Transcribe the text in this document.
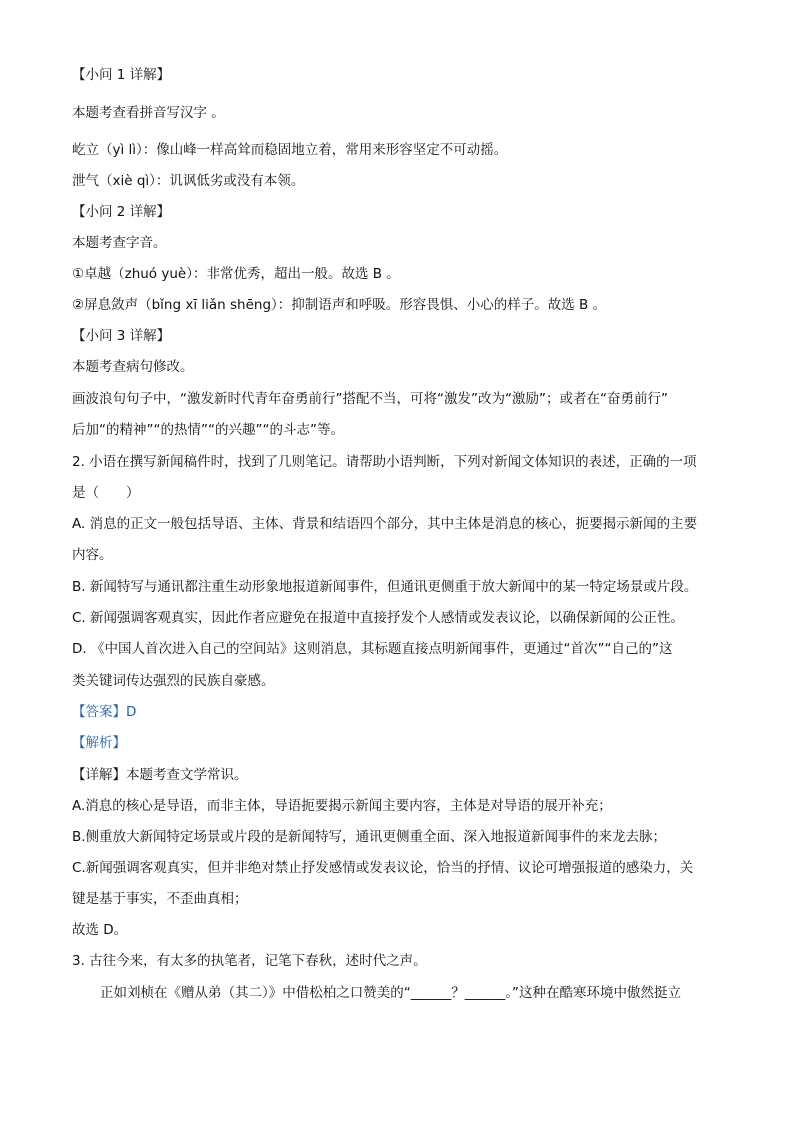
【小问 1 详解】
本题考查看拼音写汉字 。
屹立（yì lì）：像山峰一样高耸而稳固地立着，常用来形容坚定不可动摇。
泄气（xiè qì）：讥讽低劣或没有本领。
【小问 2 详解】
本题考查字音。
①卓越（zhuó yuè）：非常优秀，超出一般。故选 B 。
②屏息敛声（bǐng xī liǎn shēng）：抑制语声和呼吸。形容畏惧、小心的样子。故选 B 。
【小问 3 详解】
本题考查病句修改。
画波浪句句子中，“激发新时代青年奋勇前行”搭配不当，可将“激发”改为“激励”；或者在“奋勇前行”
后加“的精神”“的热情”“的兴趣”“的斗志”等。
2. 小语在撰写新闻稿件时，找到了几则笔记。请帮助小语判断，下列对新闻文体知识的表述，正确的一项
是（　　）
A. 消息的正文一般包括导语、主体、背景和结语四个部分，其中主体是消息的核心，扼要揭示新闻的主要
内容。
B. 新闻特写与通讯都注重生动形象地报道新闻事件，但通讯更侧重于放大新闻中的某一特定场景或片段。
C. 新闻强调客观真实，因此作者应避免在报道中直接抒发个人感情或发表议论，以确保新闻的公正性。
D. 《中国人首次进入自己的空间站》这则消息，其标题直接点明新闻事件，更通过“首次”“自己的”这
类关键词传达强烈的民族自豪感。
【答案】D
【解析】
【详解】本题考查文学常识。
A.消息的核心是导语，而非主体，导语扼要揭示新闻主要内容，主体是对导语的展开补充；
B.侧重放大新闻特定场景或片段的是新闻特写，通讯更侧重全面、深入地报道新闻事件的来龙去脉；
C.新闻强调客观真实，但并非绝对禁止抒发感情或发表议论，恰当的抒情、议论可增强报道的感染力，关
键是基于事实，不歪曲真相；
故选 D。
3. 古往今来，有太多的执笔者，记笔下春秋，述时代之声。
正如刘桢在《赠从弟（其二）》中借松柏之口赞美的“______？______。”这种在酷寒环境中傲然挺立
